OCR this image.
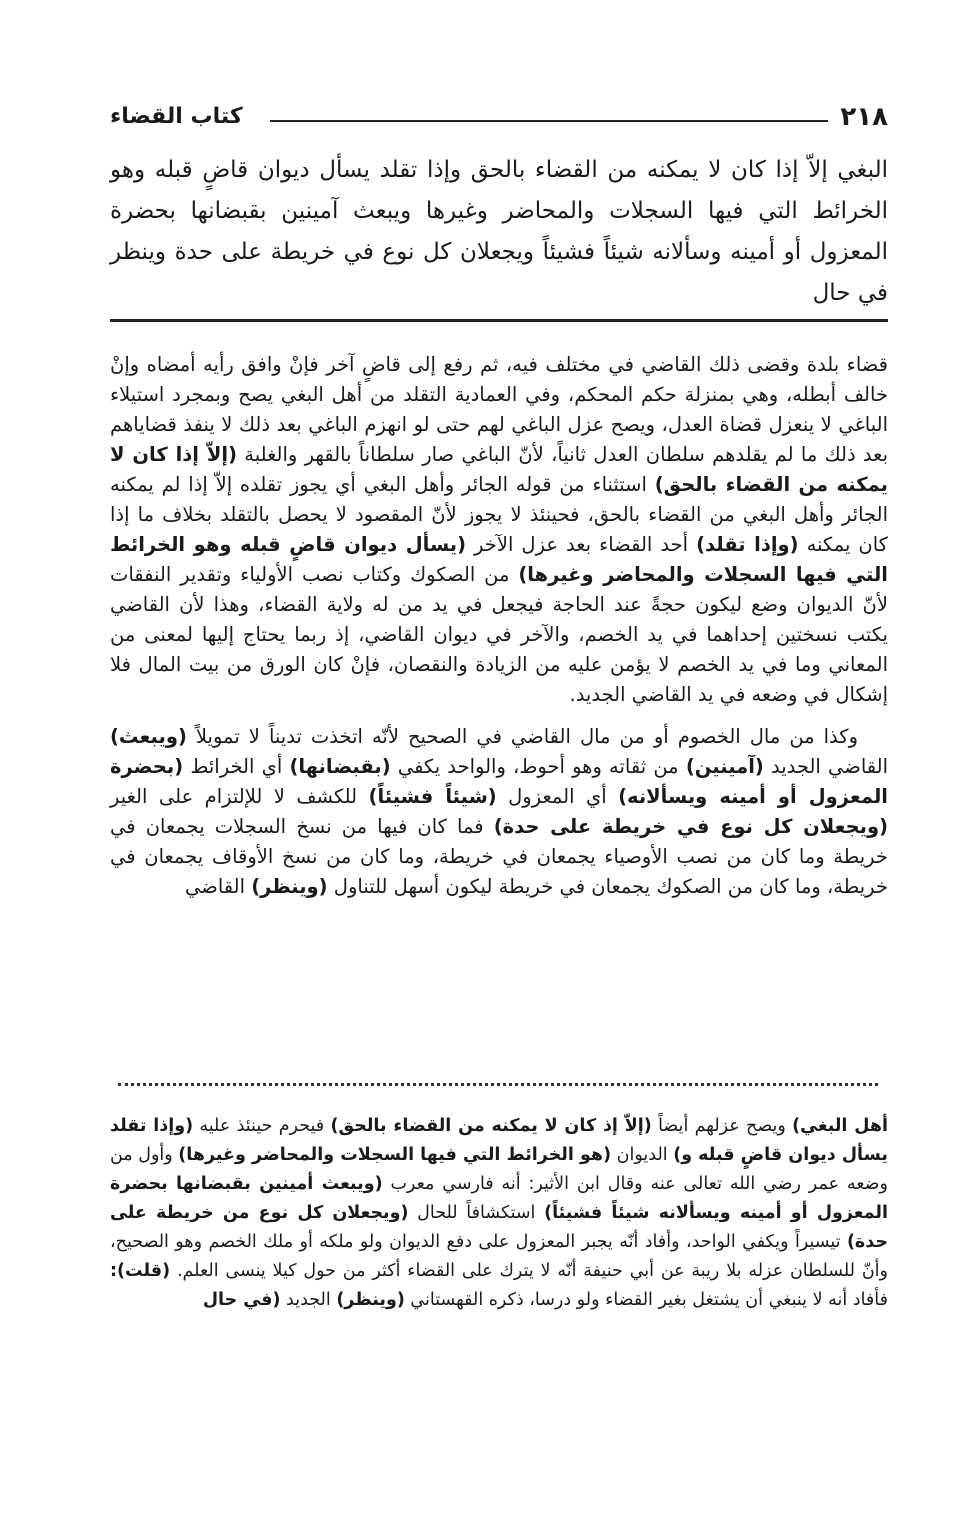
٢١٨
كتاب القضاء
البغي إلاّ إذا كان لا يمكنه من القضاء بالحق وإذا تقلد يسأل ديوان قاضٍ قبله وهو الخرائط التي فيها السجلات والمحاضر وغيرها ويبعث آمينين بقبضانها بحضرة المعزول أو أمينه وسألانه شيئاً فشيئاً ويجعلان كل نوع في خريطة على حدة وينظر في حال

قضاء بلدة وقضى ذلك القاضي في مختلف فيه، ثم رفع إلى قاضٍ آخر فإنْ وافق رأيه أمضاه وإنْ خالف أبطله، وهي بمنزلة حكم المحكم، وفي العمادية التقلد من أهل البغي يصح وبمجرد استيلاء الباغي لا ينعزل قضاة العدل، ويصح عزل الباغي لهم حتى لو انهزم الباغي بعد ذلك لا ينفذ قضاياهم بعد ذلك ما لم يقلدهم سلطان العدل ثانياً، لأنّ الباغي صار سلطاناً بالقهر والغلبة (إلاّ إذا كان لا يمكنه من القضاء بالحق) استثناء من قوله الجائر وأهل البغي أي يجوز تقلده إلاّ إذا لم يمكنه الجائر وأهل البغي من القضاء بالحق، فحينئذ لا يجوز لأنّ المقصود لا يحصل بالتقلد بخلاف ما إذا كان يمكنه (وإذا تقلد) أحد القضاء بعد عزل الآخر (يسأل ديوان قاضٍ قبله وهو الخرائط التي فيها السجلات والمحاضر وغيرها) من الصكوك وكتاب نصب الأولياء وتقدير النفقات لأنّ الديوان وضع ليكون حجةً عند الحاجة فيجعل في يد من له ولاية القضاء، وهذا لأن القاضي يكتب نسختين إحداهما في يد الخصم، والآخر في ديوان القاضي، إذ ربما يحتاج إليها لمعنى من المعاني وما في يد الخصم لا يؤمن عليه من الزيادة والنقصان، فإنْ كان الورق من بيت المال فلا إشكال في وضعه في يد القاضي الجديد.

وكذا من مال الخصوم أو من مال القاضي في الصحيح لأنّه اتخذت تديناً لا تمويلاً (ويبعث) القاضي الجديد (آمينين) من ثقاته وهو أحوط، والواحد يكفي (بقبضانها) أي الخرائط (بحضرة المعزول أو أمينه ويسألانه) أي المعزول (شيئاً فشيئاً) للكشف لا للإلتزام على الغير (ويجعلان كل نوع في خريطة على حدة) فما كان فيها من نسخ السجلات يجمعان في خريطة وما كان من نصب الأوصياء يجمعان في خريطة، وما كان من نسخ الأوقاف يجمعان في خريطة، وما كان من الصكوك يجمعان في خريطة ليكون أسهل للتناول (وينظر) القاضي

أهل البغي) ويصح عزلهم أيضاً (إلاّ إذ كان لا يمكنه من القضاء بالحق) فيحرم حينئذ عليه (وإذا تقلد يسأل ديوان قاضٍ قبله و) الديوان (هو الخرائط التي فيها السجلات والمحاضر وغيرها) وأول من وضعه عمر رضي الله تعالى عنه وقال ابن الأثير: أنه فارسي معرب (ويبعث أمينين بقبضانها بحضرة المعزول أو أمينه ويسألانه شيئاً فشيئاً) استكشافاً للحال (ويجعلان كل نوع من خريطة على حدة) تيسيراً ويكفي الواحد، وأفاد أنّه يجبر المعزول على دفع الديوان ولو ملكه أو ملك الخصم وهو الصحيح، وأنّ للسلطان عزله بلا ريبة عن أبي حنيفة أنّه لا يترك على القضاء أكثر من حول كيلا ينسى العلم. (قلت): فأفاد أنه لا ينبغي أن يشتغل بغير القضاء ولو درسا، ذكره القهستاني (وينظر) الجديد (في حال
